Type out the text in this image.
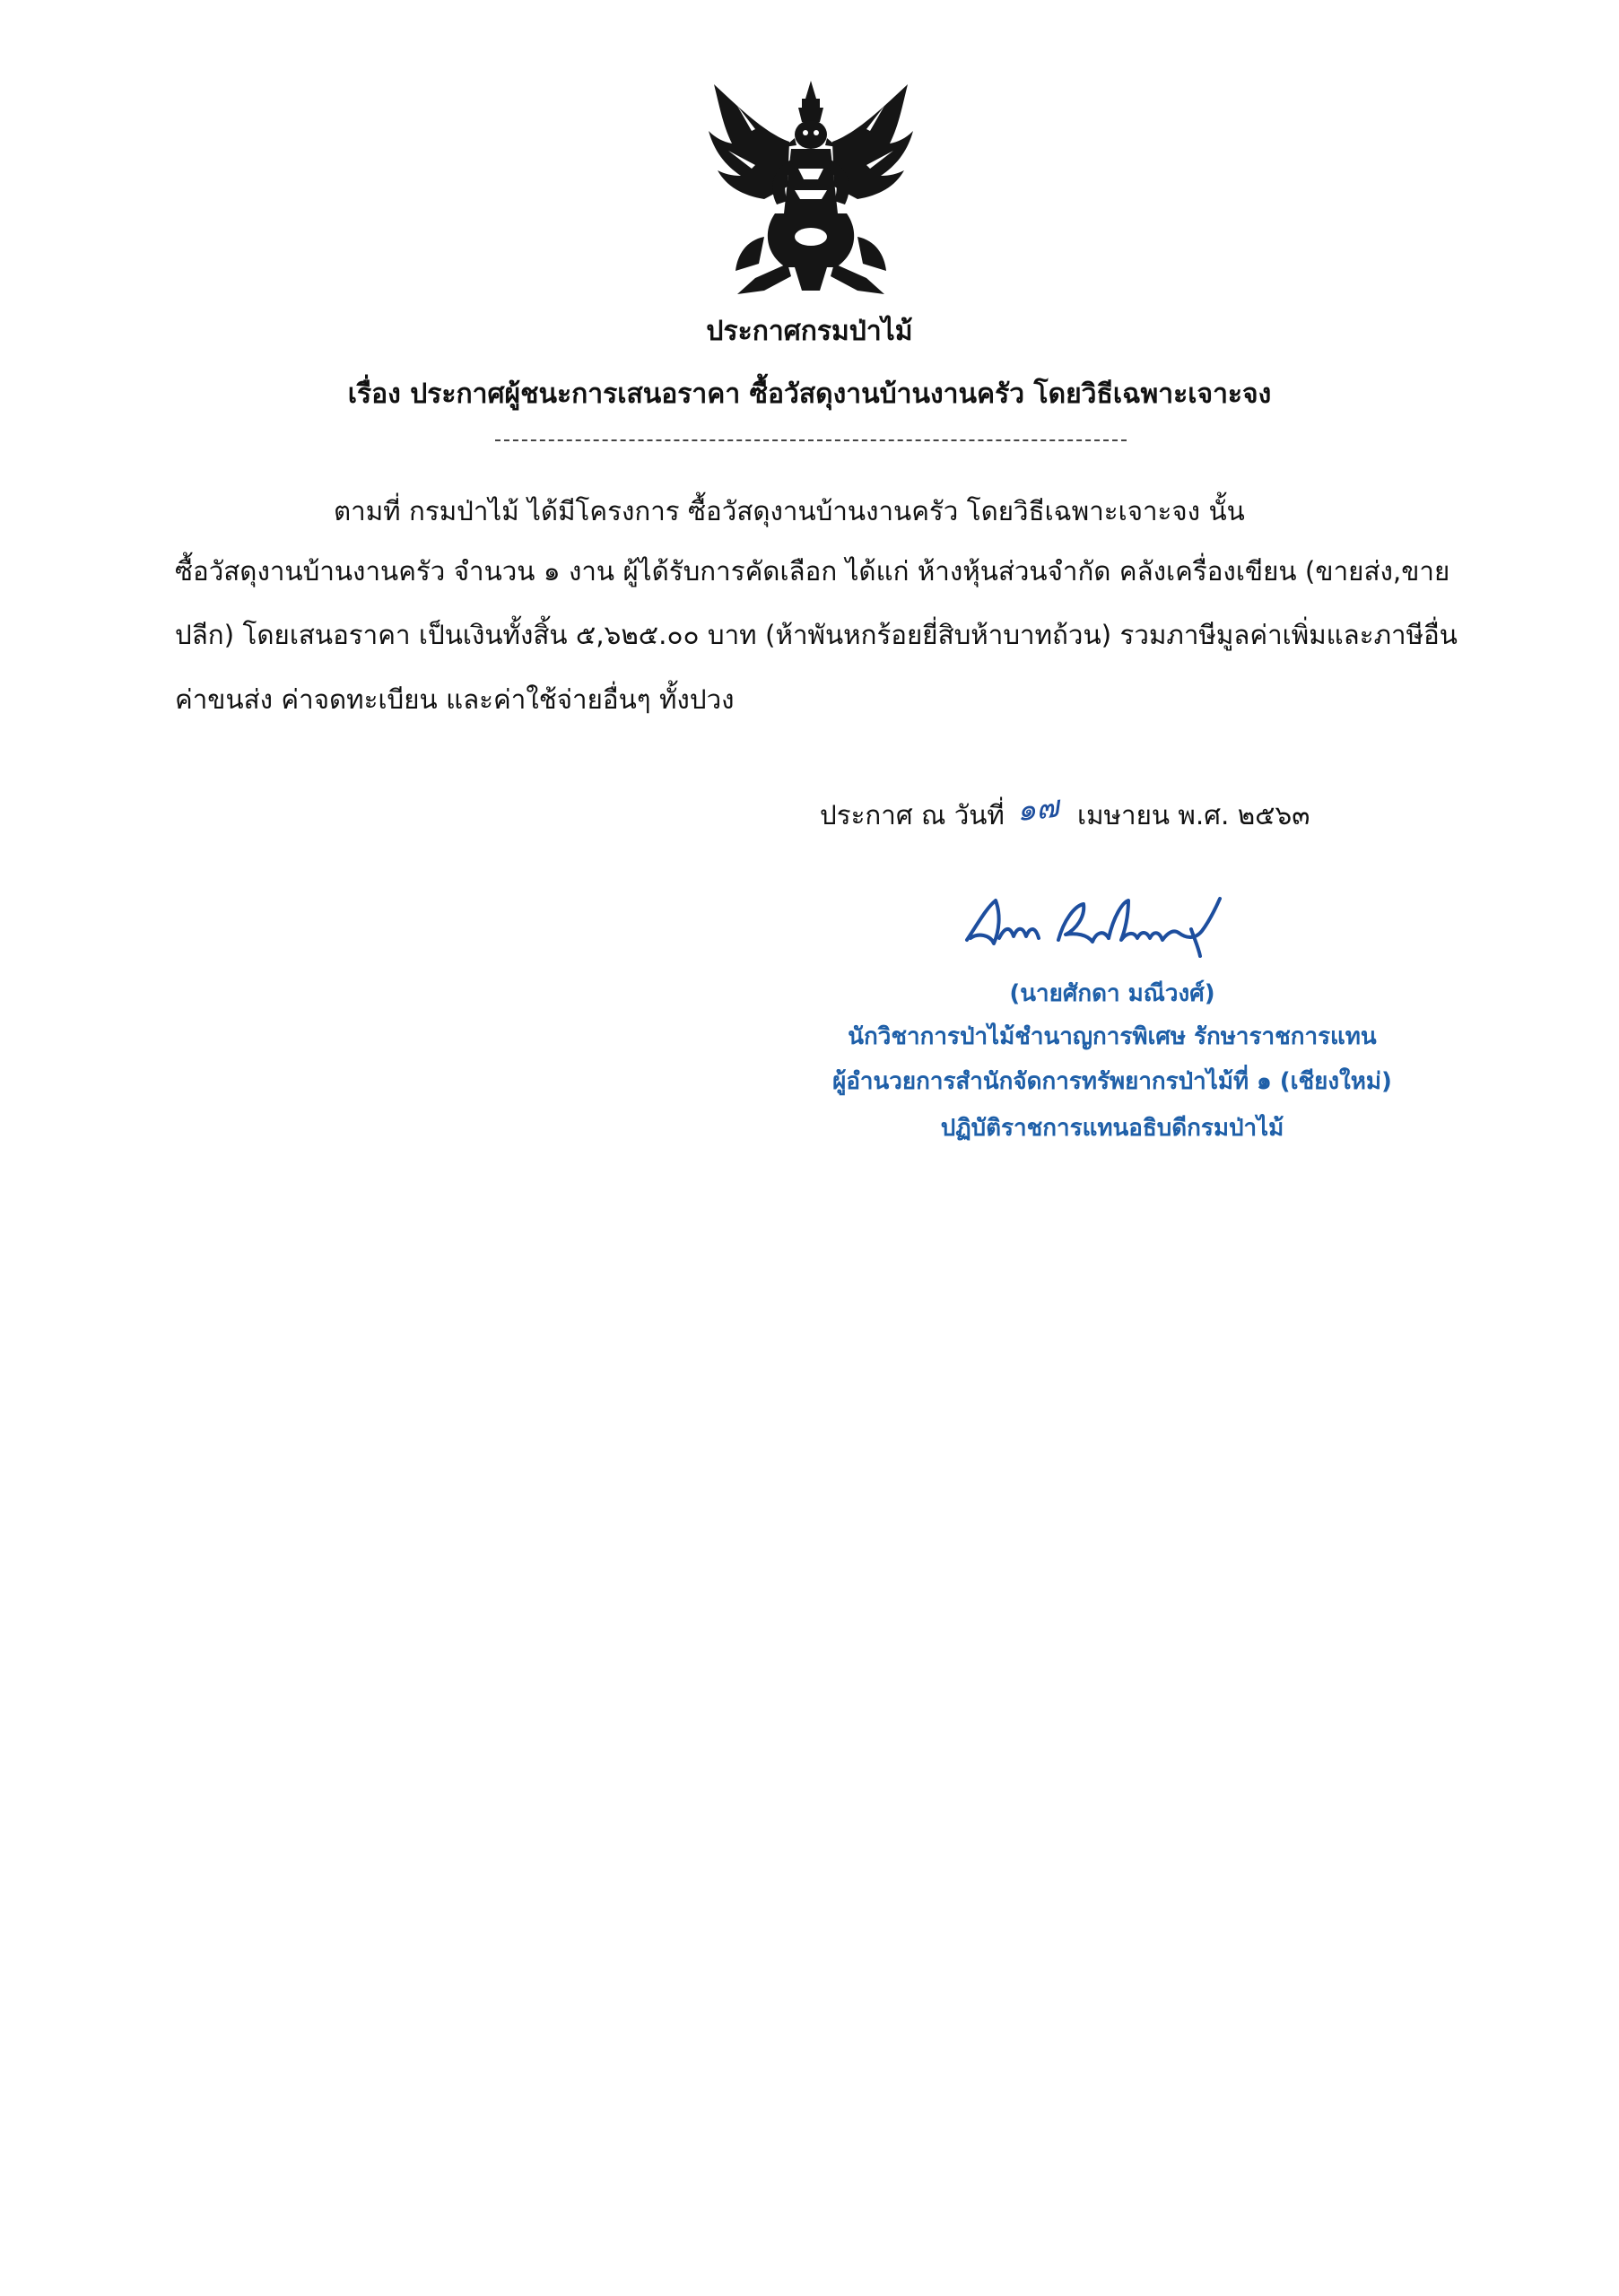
ประกาศกรมป่าไม้
เรื่อง ประกาศผู้ชนะการเสนอราคา ซื้อวัสดุงานบ้านงานครัว โดยวิธีเฉพาะเจาะจง
ตามที่ กรมป่าไม้ ได้มีโครงการ ซื้อวัสดุงานบ้านงานครัว โดยวิธีเฉพาะเจาะจง นั้น
ซื้อวัสดุงานบ้านงานครัว จำนวน ๑ งาน ผู้ได้รับการคัดเลือก ได้แก่ ห้างหุ้นส่วนจำกัด คลังเครื่องเขียน (ขายส่ง,ขาย
ปลีก) โดยเสนอราคา เป็นเงินทั้งสิ้น ๕,๖๒๕.๐๐ บาท (ห้าพันหกร้อยยี่สิบห้าบาทถ้วน) รวมภาษีมูลค่าเพิ่มและภาษีอื่น
ค่าขนส่ง ค่าจดทะเบียน และค่าใช้จ่ายอื่นๆ ทั้งปวง
ประกาศ ณ วันที่ ๑๗ เมษายน พ.ศ. ๒๕๖๓
(นายศักดา มณีวงศ์)
นักวิชาการป่าไม้ชำนาญการพิเศษ รักษาราชการแทน
ผู้อำนวยการสำนักจัดการทรัพยากรป่าไม้ที่ ๑ (เชียงใหม่)
ปฏิบัติราชการแทนอธิบดีกรมป่าไม้
